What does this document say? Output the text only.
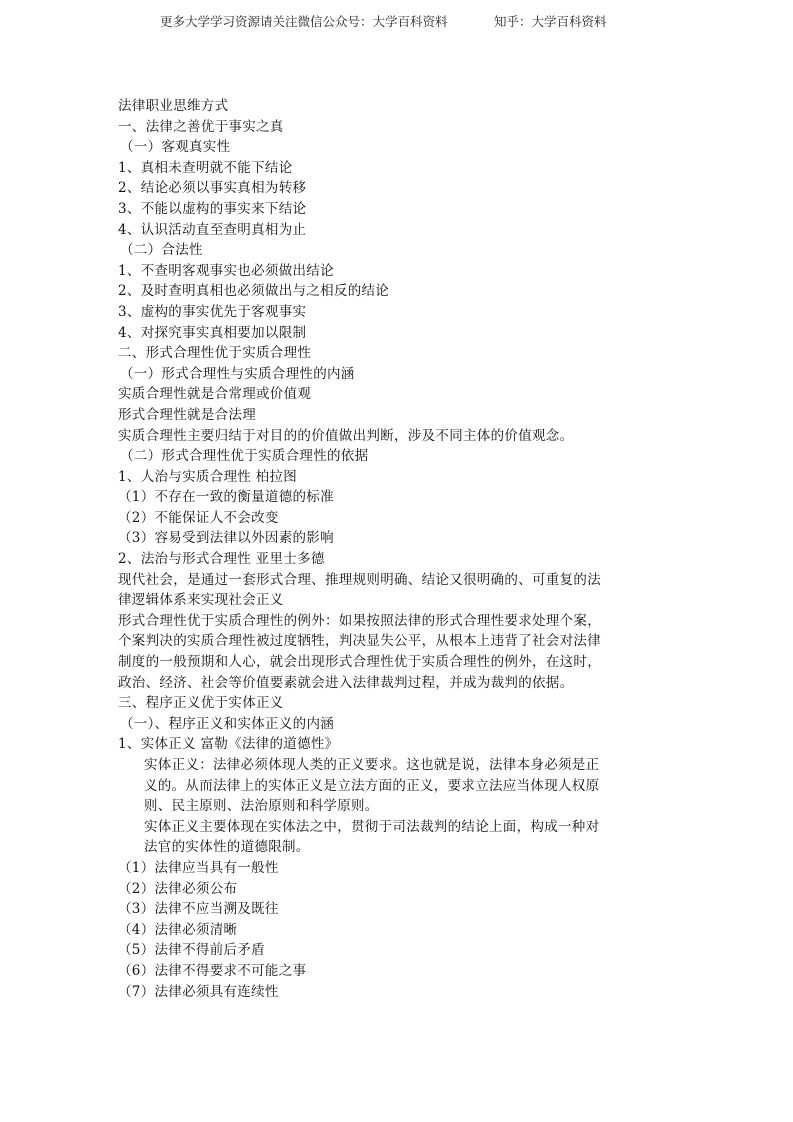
更多大学学习资源请关注微信公众号：大学百科资料	知乎：大学百科资料
法律职业思维方式
一、法律之善优于事实之真
（一）客观真实性
1、真相未查明就不能下结论
2、结论必须以事实真相为转移
3、不能以虚构的事实来下结论
4、认识活动直至查明真相为止
（二）合法性
1、不查明客观事实也必须做出结论
2、及时查明真相也必须做出与之相反的结论
3、虚构的事实优先于客观事实
4、对探究事实真相要加以限制
二、形式合理性优于实质合理性
（一）形式合理性与实质合理性的内涵
实质合理性就是合常理或价值观
形式合理性就是合法理
实质合理性主要归结于对目的的价值做出判断，涉及不同主体的价值观念。
（二）形式合理性优于实质合理性的依据
1、人治与实质合理性 柏拉图
（1）不存在一致的衡量道德的标准
（2）不能保证人不会改变
（3）容易受到法律以外因素的影响
2、法治与形式合理性 亚里士多德
现代社会，是通过一套形式合理、推理规则明确、结论又很明确的、可重复的法
律逻辑体系来实现社会正义
形式合理性优于实质合理性的例外：如果按照法律的形式合理性要求处理个案，
个案判决的实质合理性被过度牺牲，判决显失公平，从根本上违背了社会对法律
制度的一般预期和人心，就会出现形式合理性优于实质合理性的例外，在这时，
政治、经济、社会等价值要素就会进入法律裁判过程，并成为裁判的依据。
三、程序正义优于实体正义
（一）、程序正义和实体正义的内涵
1、实体正义 富勒《法律的道德性》
实体正义：法律必须体现人类的正义要求。这也就是说，法律本身必须是正
义的。从而法律上的实体正义是立法方面的正义，要求立法应当体现人权原
则、民主原则、法治原则和科学原则。
实体正义主要体现在实体法之中，贯彻于司法裁判的结论上面，构成一种对
法官的实体性的道德限制。
（1）法律应当具有一般性
（2）法律必须公布
（3）法律不应当溯及既往
（4）法律必须清晰
（5）法律不得前后矛盾
（6）法律不得要求不可能之事
（7）法律必须具有连续性
